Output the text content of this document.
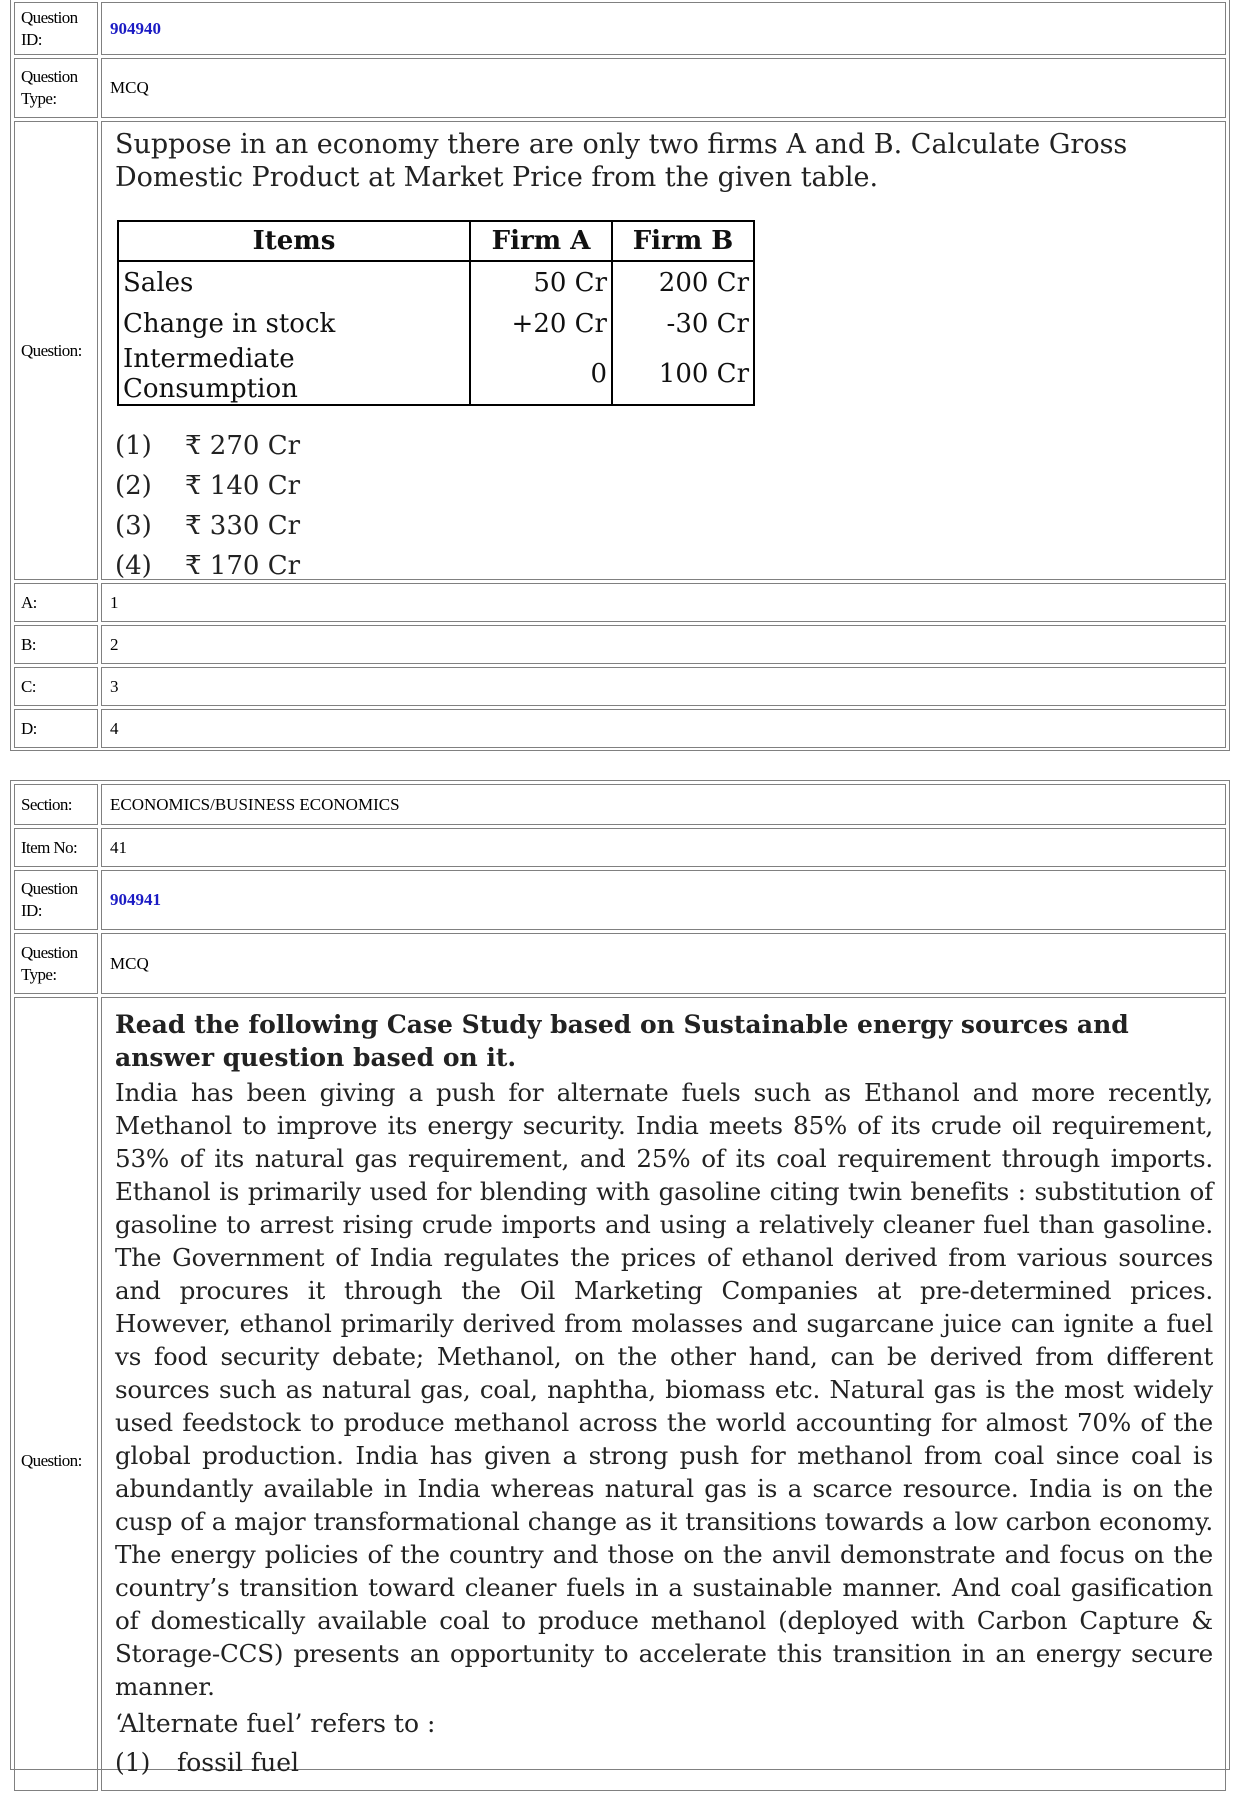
Question ID:
904940
Question Type:
MCQ
Question:

Suppose in an economy there are only two firms A and B. Calculate Gross Domestic Product at Market Price from the given table.

Items	Firm A	Firm B
Sales	50 Cr	200 Cr
Change in stock	+20 Cr	-30 Cr
Intermediate Consumption	0	100 Cr
(1) ₹ 270 Cr
(2) ₹ 140 Cr
(3) ₹ 330 Cr
(4) ₹ 170 Cr
A:	1
B:	2
C:	3
D:	4
Section:	ECONOMICS/BUSINESS ECONOMICS
Item No:	41
Question ID:
904941
Question Type:
MCQ
Question:

Read the following Case Study based on Sustainable energy sources and answer question based on it.

India has been giving a push for alternate fuels such as Ethanol and more recently, Methanol to improve its energy security. India meets 85% of its crude oil requirement, 53% of its natural gas requirement, and 25% of its coal requirement through imports. Ethanol is primarily used for blending with gasoline citing twin benefits : substitution of gasoline to arrest rising crude imports and using a relatively cleaner fuel than gasoline. The Government of India regulates the prices of ethanol derived from various sources and procures it through the Oil Marketing Companies at pre-determined prices. However, ethanol primarily derived from molasses and sugarcane juice can ignite a fuel vs food security debate; Methanol, on the other hand, can be derived from different sources such as natural gas, coal, naphtha, biomass etc. Natural gas is the most widely used feedstock to produce methanol across the world accounting for almost 70% of the global production. India has given a strong push for methanol from coal since coal is abundantly available in India whereas natural gas is a scarce resource. India is on the cusp of a major transformational change as it transitions towards a low carbon economy. The energy policies of the country and those on the anvil demonstrate and focus on the country’s transition toward cleaner fuels in a sustainable manner. And coal gasification of domestically available coal to produce methanol (deployed with Carbon Capture & Storage-CCS) presents an opportunity to accelerate this transition in an energy secure manner.

‘Alternate fuel’ refers to :
(1) fossil fuel
